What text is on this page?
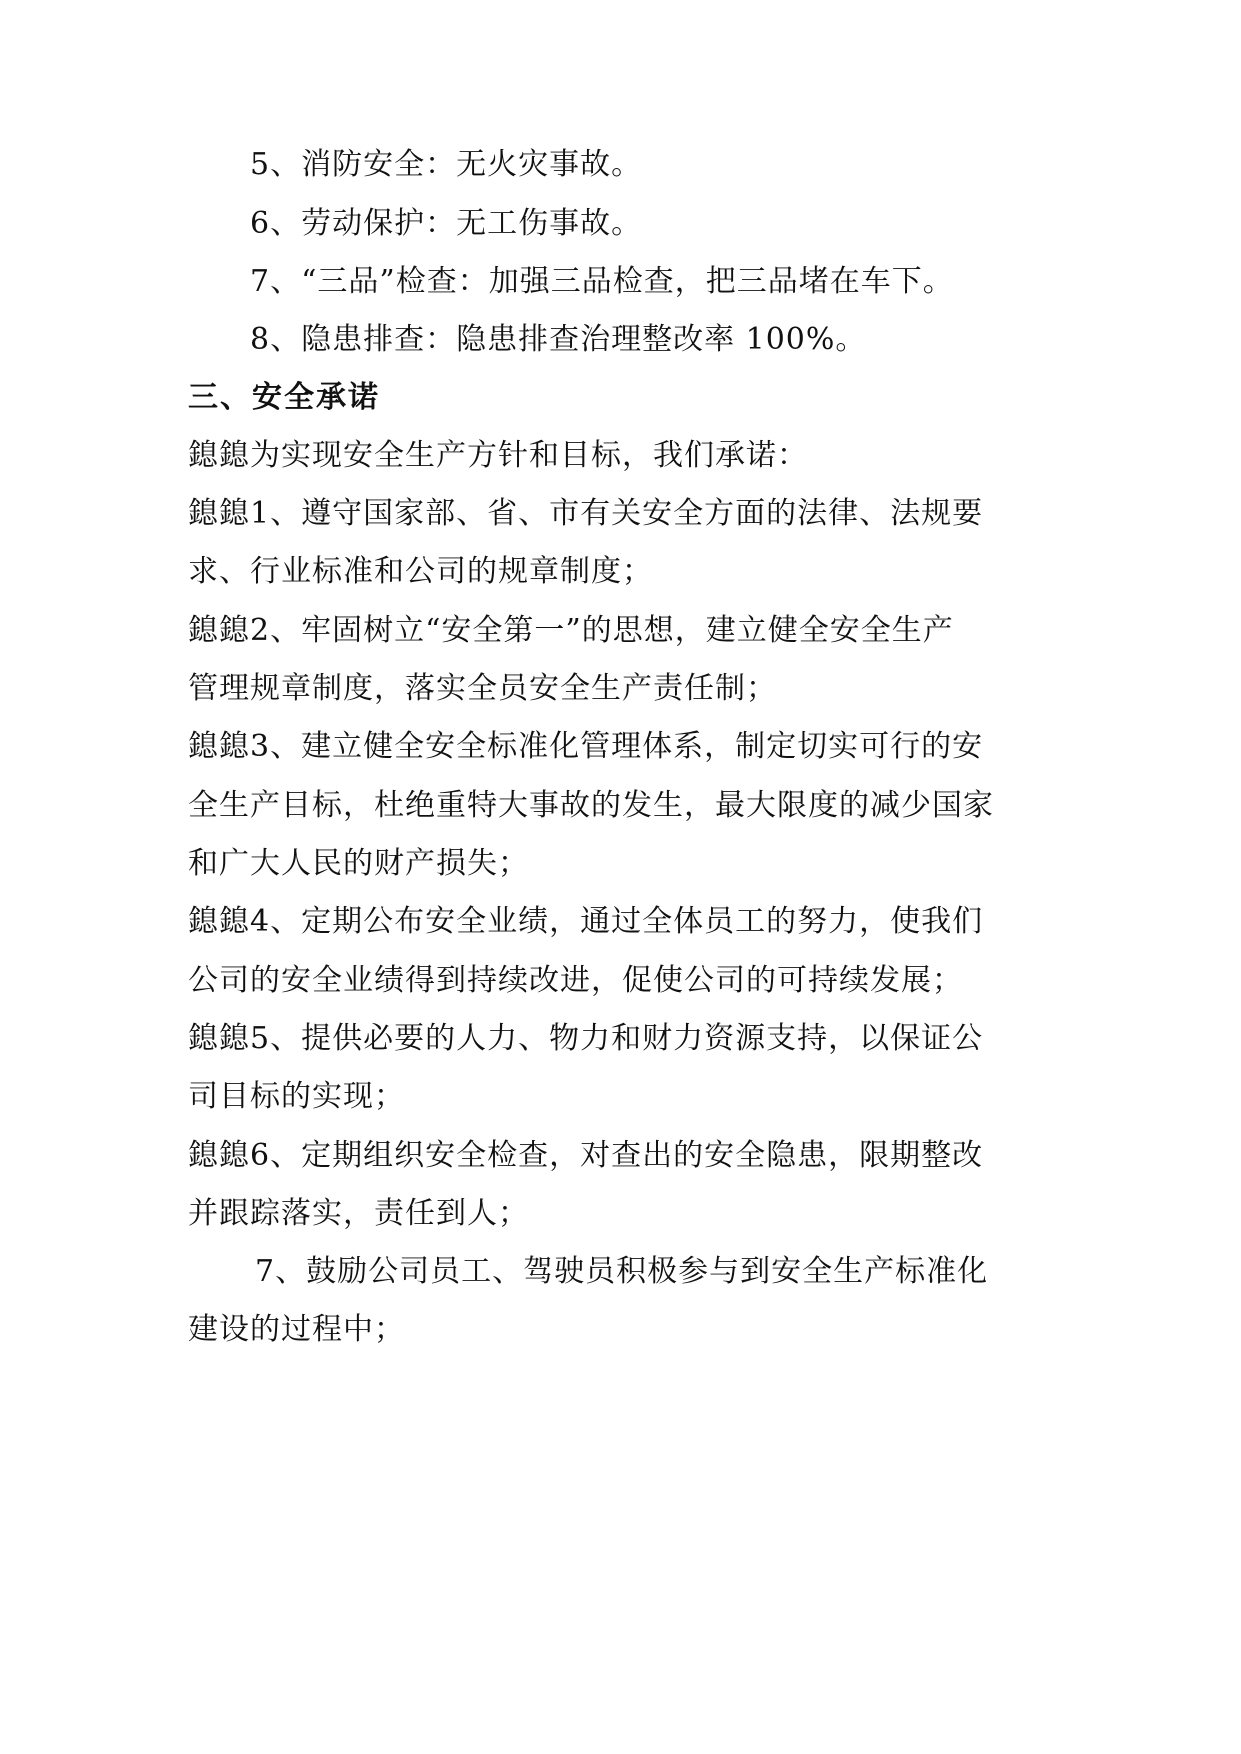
5、消防安全：无火灾事故。
6、劳动保护：无工伤事故。
7、“三品”检查：加强三品检查，把三品堵在车下。
8、隐患排查：隐患排查治理整改率 100%。
三、安全承诺
鎴鎴为实现安全生产方针和目标，我们承诺：
鎴鎴1、遵守国家部、省、市有关安全方面的法律、法规要
求、行业标准和公司的规章制度；
鎴鎴2、牢固树立“安全第一”的思想，建立健全安全生产
管理规章制度，落实全员安全生产责任制；
鎴鎴3、建立健全安全标准化管理体系，制定切实可行的安
全生产目标，杜绝重特大事故的发生，最大限度的减少国家
和广大人民的财产损失；
鎴鎴4、定期公布安全业绩，通过全体员工的努力，使我们
公司的安全业绩得到持续改进，促使公司的可持续发展；
鎴鎴5、提供必要的人力、物力和财力资源支持，以保证公
司目标的实现；
鎴鎴6、定期组织安全检查，对查出的安全隐患，限期整改
并跟踪落实，责任到人；
7、鼓励公司员工、驾驶员积极参与到安全生产标准化
建设的过程中；
